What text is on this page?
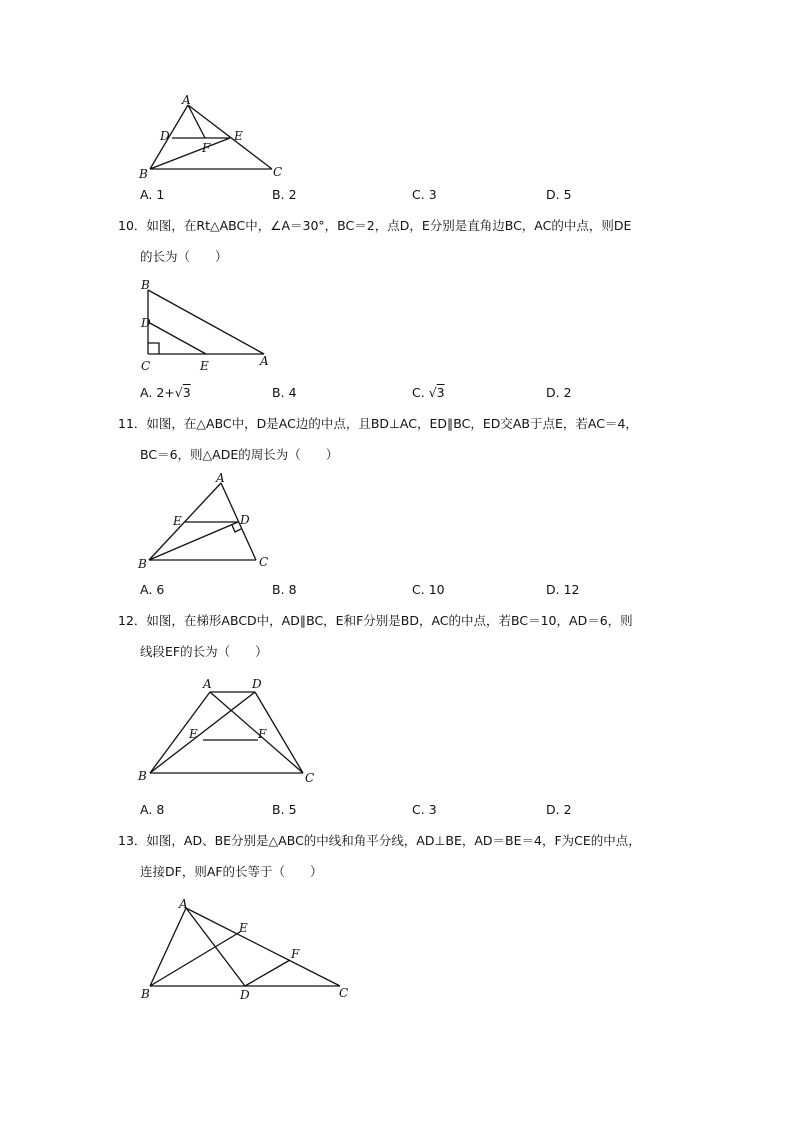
A
D	E
F
B	C
A. 1	B. 2	C. 3	D. 5
10．如图，在Rt△ABC中，∠A＝30°，BC＝2，点D，E分别是直角边BC，AC的中点，则DE
的长为（　　）
B
D
C	E	A
A. 2+√3	B. 4	C. √3	D. 2
11．如图，在△ABC中，D是AC边的中点，且BD⊥AC，ED∥BC，ED交AB于点E，若AC＝4，
BC＝6，则△ADE的周长为（　　）
A
E	D
B	C
A. 6	B. 8	C. 10	D. 12
12．如图，在梯形ABCD中，AD∥BC，E和F分别是BD，AC的中点，若BC＝10，AD＝6，则
线段EF的长为（　　）
A	D
E	F
B	C
A. 8	B. 5	C. 3	D. 2
13．如图，AD、BE分别是△ABC的中线和角平分线，AD⊥BE，AD＝BE＝4，F为CE的中点，
连接DF，则AF的长等于（　　）
A
E
F
B	D	C
